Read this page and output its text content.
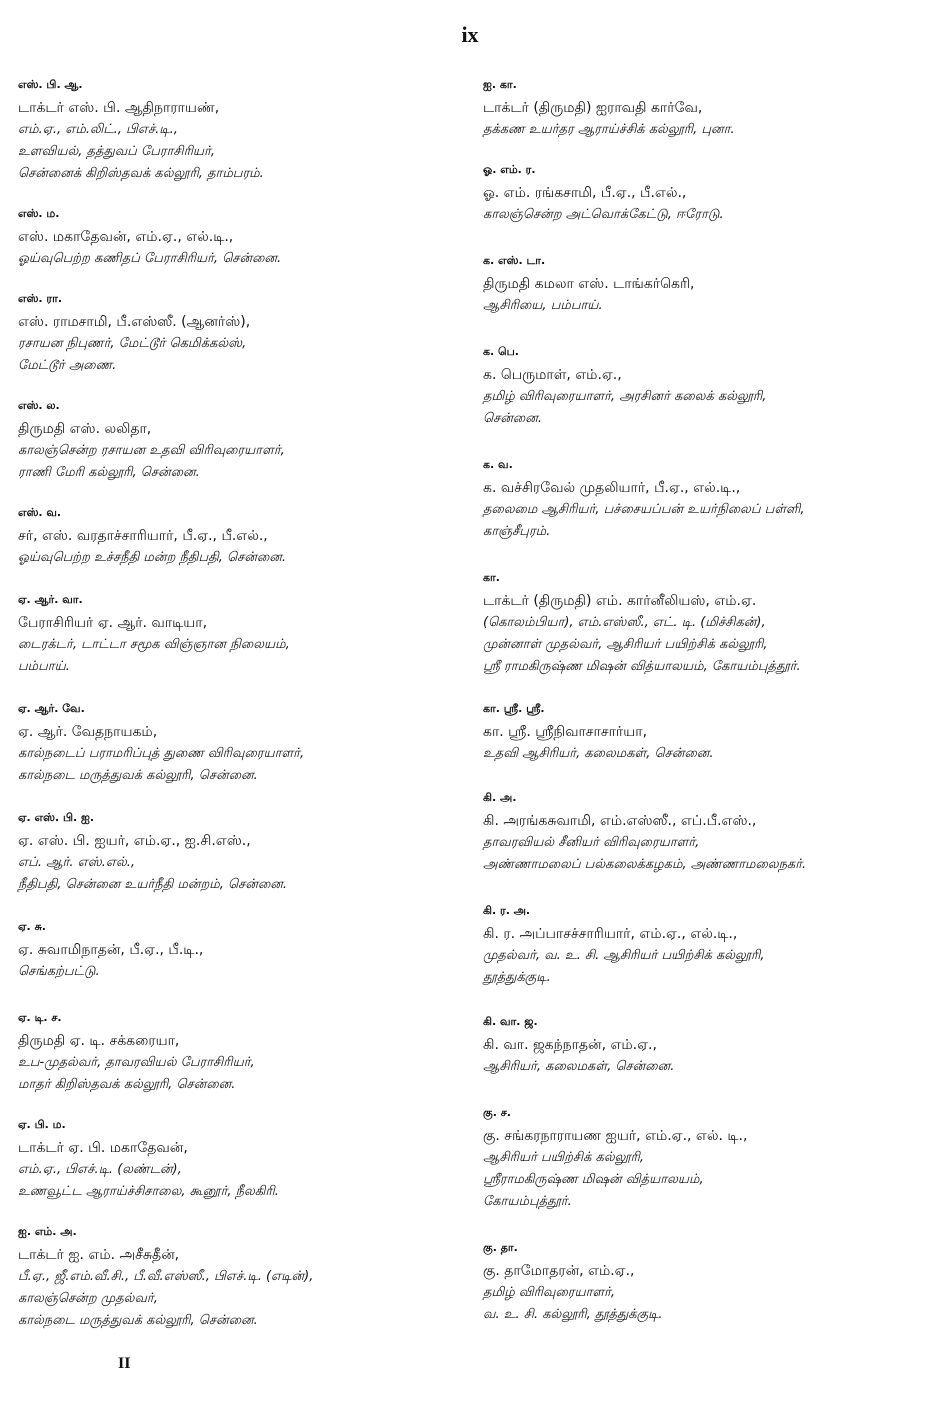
ix
எஸ். பி. ஆ.
டாக்டர் எஸ். பி. ஆதிநாராயண்,
எம்.ஏ., எம்.லிட்., பிஎச்.டி.,
உளவியல், தத்துவப் பேராசிரியர்,
சென்னைக் கிறிஸ்தவக் கல்லூரி, தாம்பரம்.
எஸ். ம.
எஸ். மகாதேவன், எம்.ஏ., எல்.டி.,
ஓய்வுபெற்ற கணிதப் பேராசிரியர், சென்னை.
எஸ். ரா.
எஸ். ராமசாமி, பீ.எஸ்ஸீ. (ஆனர்ஸ்),
ரசாயன நிபுணர், மேட்டூர் கெமிக்கல்ஸ்,
மேட்டூர் அணை.
எஸ். ல.
திருமதி எஸ். லலிதா,
காலஞ்சென்ற ரசாயன உதவி விரிவுரையாளர்,
ராணி மேரி கல்லூரி, சென்னை.
எஸ். வ.
சர், எஸ். வரதாச்சாரியார், பீ.ஏ., பீ.எல்.,
ஓய்வுபெற்ற உச்சநீதி மன்ற நீதிபதி, சென்னை.
ஏ. ஆர். வா.
பேராசிரியர் ஏ. ஆர். வாடியா,
டைரக்டர், டாட்டா சமூக விஞ்ஞான நிலையம்,
பம்பாய்.
ஏ. ஆர். வே.
ஏ. ஆர். வேதநாயகம்,
கால்நடைப் பராமரிப்புத் துணை விரிவுரையாளர்,
கால்நடை மருத்துவக் கல்லூரி, சென்னை.
ஏ. எஸ். பி. ஐ.
ஏ. எஸ். பி. ஐயர், எம்.ஏ., ஐ.சி.எஸ்.,
எப். ஆர். எஸ்.எல்.,
நீதிபதி, சென்னை உயர்நீதி மன்றம், சென்னை.
ஏ. சு.
ஏ. சுவாமிநாதன், பீ.ஏ., பீ.டி.,
செங்கற்பட்டு.
ஏ. டி. ச.
திருமதி ஏ. டி. சக்கரையா,
உப-முதல்வர், தாவரவியல் பேராசிரியர்,
மாதர் கிறிஸ்தவக் கல்லூரி, சென்னை.
ஏ. பி. ம.
டாக்டர் ஏ. பி. மகாதேவன்,
எம்.ஏ., பிஎச்.டி. (லண்டன்),
உணவூட்ட ஆராய்ச்சிசாலை, கூனூர், நீலகிரி.
ஐ. எம். அ.
டாக்டர் ஐ. எம். அசீசுதீன்,
பீ.ஏ., ஜீ.எம்.வீ.சி., பீ.வீ.எஸ்ஸீ., பிஎச்.டி. (எடின்),
காலஞ்சென்ற முதல்வர்,
கால்நடை மருத்துவக் கல்லூரி, சென்னை.
ஐ. கா.
டாக்டர் (திருமதி) ஐராவதி கார்வே,
தக்கண உயர்தர ஆராய்ச்சிக் கல்லூரி, புனா.
ஓ. எம். ர.
ஓ. எம். ரங்கசாமி, பீ.ஏ., பீ.எல்.,
காலஞ்சென்ற அட்வொக்கேட்டு, ஈரோடு.
க. எஸ். டா.
திருமதி கமலா எஸ். டாங்கர்கெரி,
ஆசிரியை, பம்பாய்.
க. பெ.
க. பெருமாள், எம்.ஏ.,
தமிழ் விரிவுரையாளர், அரசினர் கலைக் கல்லூரி,
சென்னை.
க. வ.
க. வச்சிரவேல் முதலியார், பீ.ஏ., எல்.டி.,
தலைமை ஆசிரியர், பச்சையப்பன் உயர்நிலைப் பள்ளி,
காஞ்சீபுரம்.
கா.
டாக்டர் (திருமதி) எம். கார்னீலியஸ், எம்.ஏ.
(கொலம்பியா), எம்.எஸ்ஸீ., எட். டி. (மிச்சிகன்),
முன்னாள் முதல்வர், ஆசிரியர் பயிற்சிக் கல்லூரி,
ஸ்ரீ ராமகிருஷ்ண மிஷன் வித்யாலயம், கோயம்புத்தூர்.
கா. ஸ்ரீ. ஸ்ரீ.
கா. ஸ்ரீ. ஸ்ரீநிவாசாசார்யா,
உதவி ஆசிரியர், கலைமகள், சென்னை.
கி. அ.
கி. அரங்கசுவாமி, எம்.எஸ்ஸீ., எப்.பீ.எஸ்.,
தாவரவியல் சீனியர் விரிவுரையாளர்,
அண்ணாமலைப் பல்கலைக்கழகம், அண்ணாமலைநகர்.
கி. ர. அ.
கி. ர. அப்பாசச்சாரியார், எம்.ஏ., எல்.டி.,
முதல்வர், வ. உ. சி. ஆசிரியர் பயிற்சிக் கல்லூரி,
தூத்துக்குடி.
கி. வா. ஜ.
கி. வா. ஜகந்நாதன், எம்.ஏ.,
ஆசிரியர், கலைமகள், சென்னை.
கு. ச.
கு. சங்கரநாராயண ஐயர், எம்.ஏ., எல். டி.,
ஆசிரியர் பயிற்சிக் கல்லூரி,
ஸ்ரீராமகிருஷ்ண மிஷன் வித்யாலயம்,
கோயம்புத்தூர்.
கு. தா.
கு. தாமோதரன், எம்.ஏ.,
தமிழ் விரிவுரையாளர்,
வ. உ. சி. கல்லூரி, தூத்துக்குடி.
II
